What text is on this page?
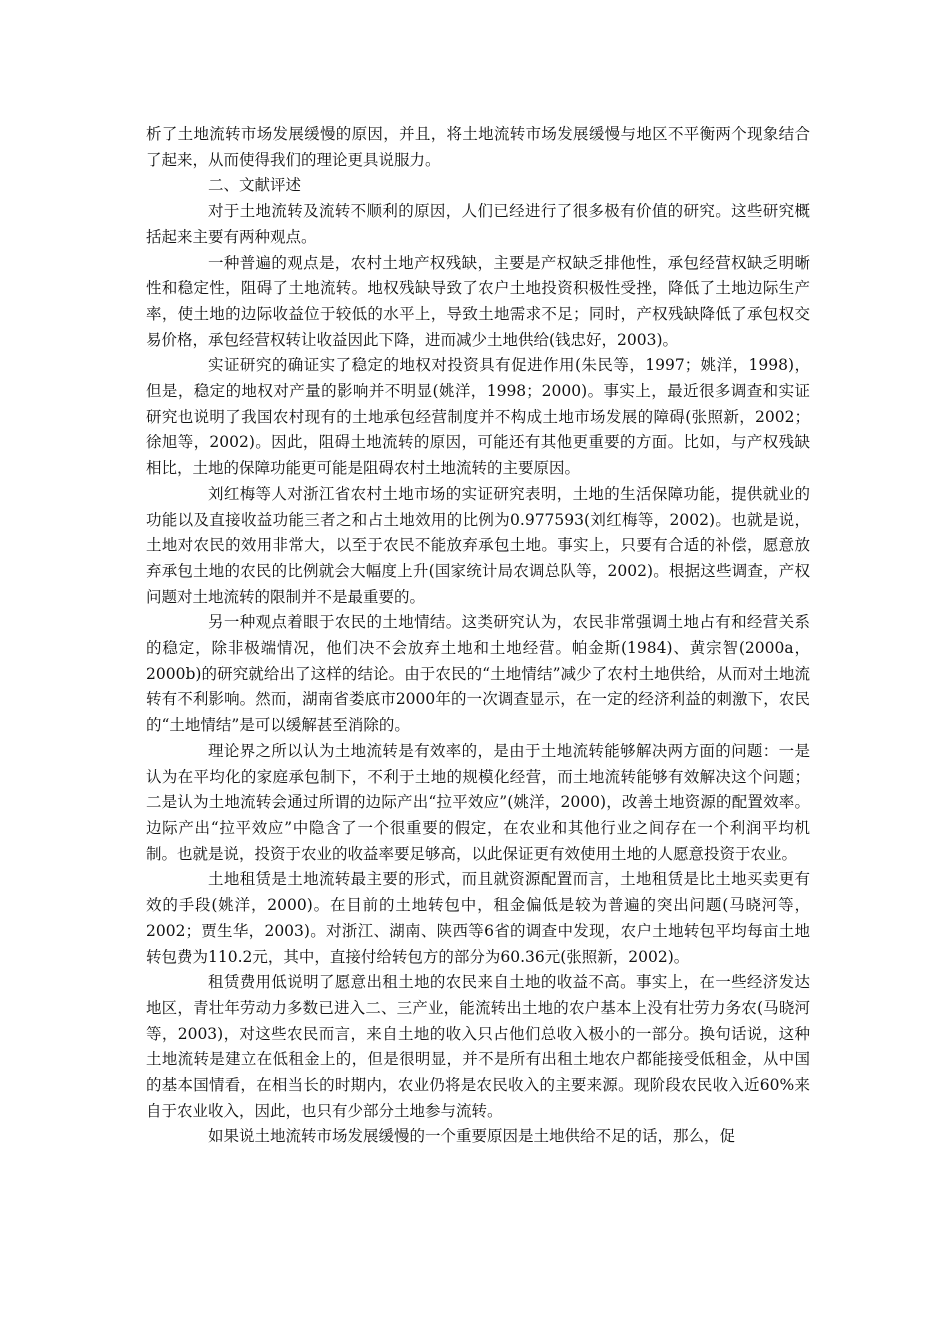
析了土地流转市场发展缓慢的原因，并且，将土地流转市场发展缓慢与地区不平衡两个现象结合了起来，从而使得我们的理论更具说服力。

二、文献评述

对于土地流转及流转不顺利的原因，人们已经进行了很多极有价值的研究。这些研究概括起来主要有两种观点。

一种普遍的观点是，农村土地产权残缺，主要是产权缺乏排他性，承包经营权缺乏明晰性和稳定性，阻碍了土地流转。地权残缺导致了农户土地投资积极性受挫，降低了土地边际生产率，使土地的边际收益位于较低的水平上，导致土地需求不足；同时，产权残缺降低了承包权交易价格，承包经营权转让收益因此下降，进而减少土地供给(钱忠好，2003)。

实证研究的确证实了稳定的地权对投资具有促进作用(朱民等，1997；姚洋，1998)，但是，稳定的地权对产量的影响并不明显(姚洋，1998；2000)。事实上，最近很多调查和实证研究也说明了我国农村现有的土地承包经营制度并不构成土地市场发展的障碍(张照新，2002；徐旭等，2002)。因此，阻碍土地流转的原因，可能还有其他更重要的方面。比如，与产权残缺相比，土地的保障功能更可能是阻碍农村土地流转的主要原因。

刘红梅等人对浙江省农村土地市场的实证研究表明，土地的生活保障功能，提供就业的功能以及直接收益功能三者之和占土地效用的比例为0.977593(刘红梅等，2002)。也就是说，土地对农民的效用非常大，以至于农民不能放弃承包土地。事实上，只要有合适的补偿，愿意放弃承包土地的农民的比例就会大幅度上升(国家统计局农调总队等，2002)。根据这些调查，产权问题对土地流转的限制并不是最重要的。

另一种观点着眼于农民的土地情结。这类研究认为，农民非常强调土地占有和经营关系的稳定，除非极端情况，他们决不会放弃土地和土地经营。帕金斯(1984)、黄宗智(2000a，2000b)的研究就给出了这样的结论。由于农民的“土地情结”减少了农村土地供给，从而对土地流转有不利影响。然而，湖南省娄底市2000年的一次调查显示，在一定的经济利益的刺激下，农民的“土地情结”是可以缓解甚至消除的。

理论界之所以认为土地流转是有效率的，是由于土地流转能够解决两方面的问题：一是认为在平均化的家庭承包制下，不利于土地的规模化经营，而土地流转能够有效解决这个问题；二是认为土地流转会通过所谓的边际产出“拉平效应”(姚洋，2000)，改善土地资源的配置效率。边际产出“拉平效应”中隐含了一个很重要的假定，在农业和其他行业之间存在一个利润平均机制。也就是说，投资于农业的收益率要足够高，以此保证更有效使用土地的人愿意投资于农业。

土地租赁是土地流转最主要的形式，而且就资源配置而言，土地租赁是比土地买卖更有效的手段(姚洋，2000)。在目前的土地转包中，租金偏低是较为普遍的突出问题(马晓河等，2002；贾生华，2003)。对浙江、湖南、陕西等6省的调查中发现，农户土地转包平均每亩土地转包费为110.2元，其中，直接付给转包方的部分为60.36元(张照新，2002)。

租赁费用低说明了愿意出租土地的农民来自土地的收益不高。事实上，在一些经济发达地区，青壮年劳动力多数已进入二、三产业，能流转出土地的农户基本上没有壮劳力务农(马晓河等，2003)，对这些农民而言，来自土地的收入只占他们总收入极小的一部分。换句话说，这种土地流转是建立在低租金上的，但是很明显，并不是所有出租土地农户都能接受低租金，从中国的基本国情看，在相当长的时期内，农业仍将是农民收入的主要来源。现阶段农民收入近60%来自于农业收入，因此，也只有少部分土地参与流转。

如果说土地流转市场发展缓慢的一个重要原因是土地供给不足的话，那么，促
